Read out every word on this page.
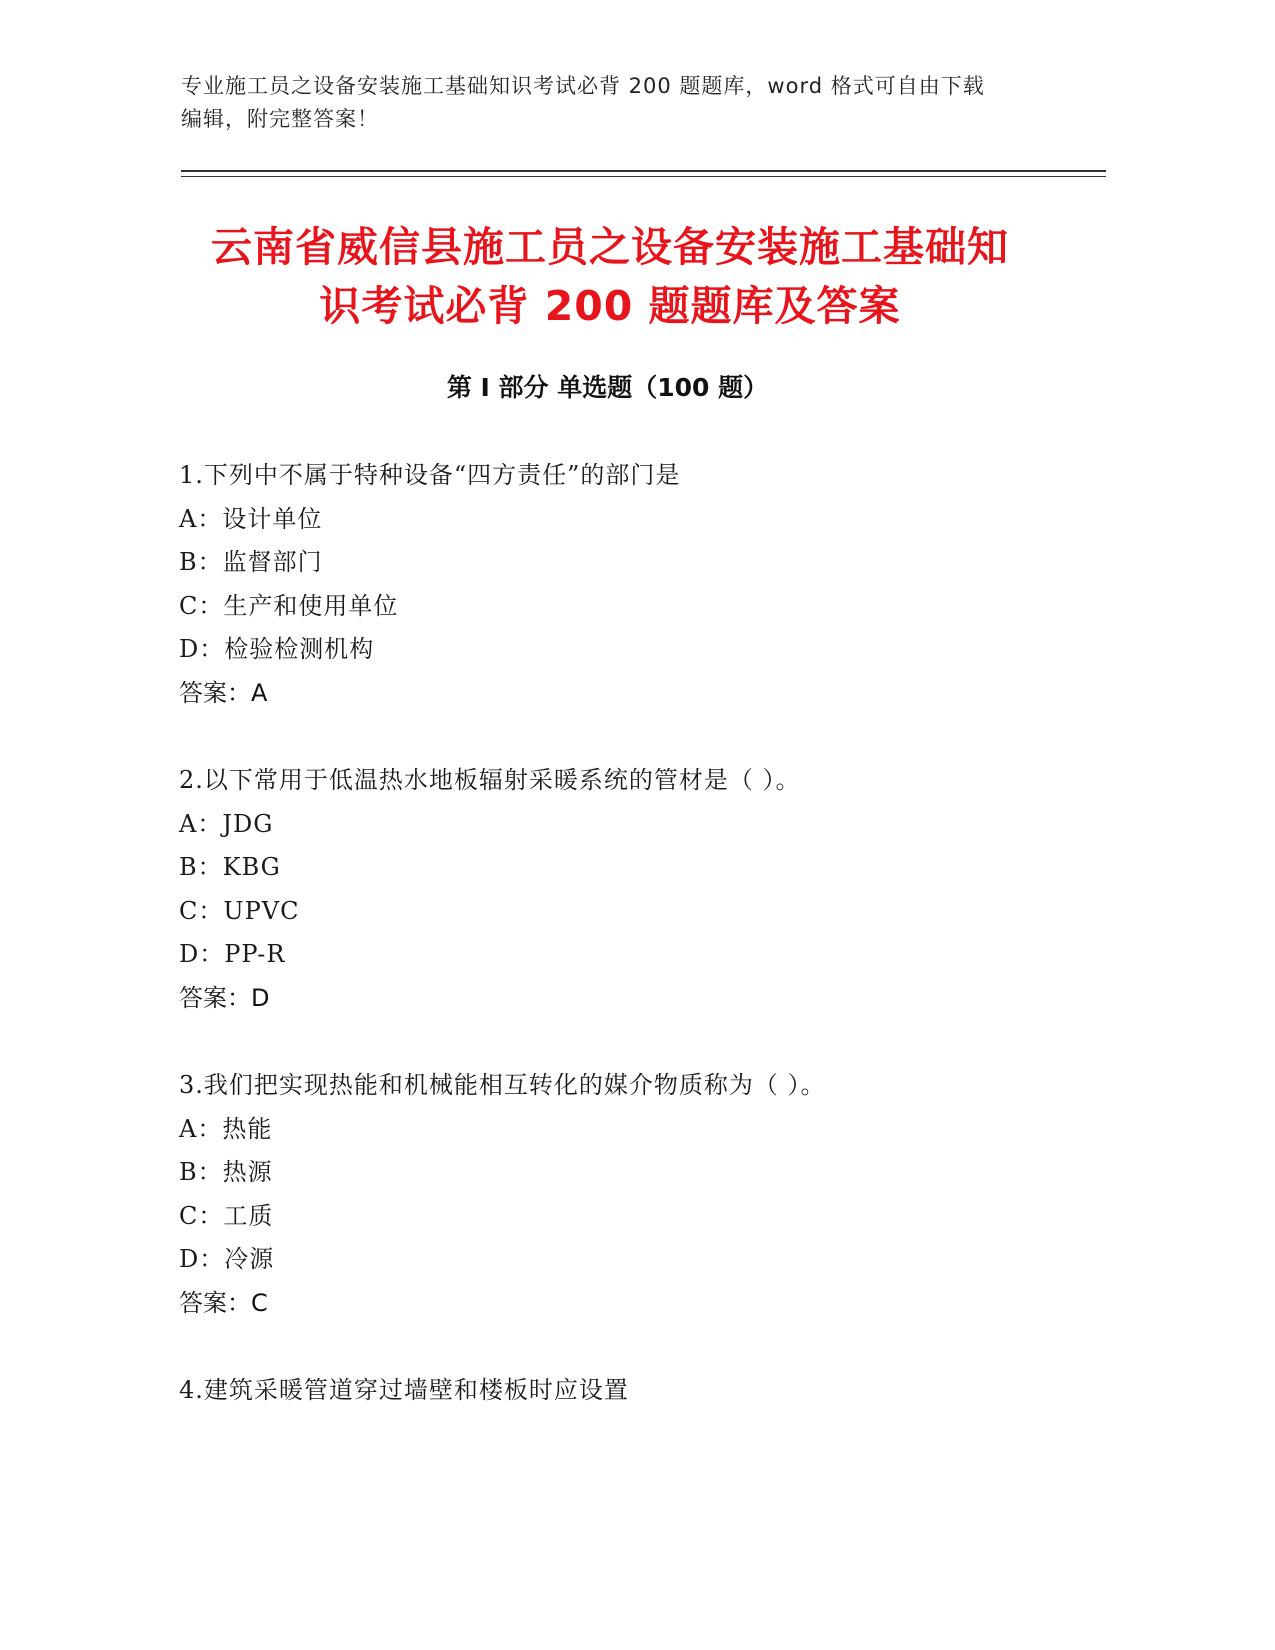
专业施工员之设备安装施工基础知识考试必背 200 题题库，word 格式可自由下载
编辑，附完整答案！
云南省威信县施工员之设备安装施工基础知
识考试必背 200 题题库及答案
第 I 部分 单选题（100 题）
1.下列中不属于特种设备“四方责任”的部门是
A：设计单位
B：监督部门
C：生产和使用单位
D：检验检测机构
答案：A
2.以下常用于低温热水地板辐射采暖系统的管材是（ ）。
A：JDG
B：KBG
C：UPVC
D：PP-R
答案：D
3.我们把实现热能和机械能相互转化的媒介物质称为（ ）。
A：热能
B：热源
C：工质
D：冷源
答案：C
4.建筑采暖管道穿过墙壁和楼板时应设置
